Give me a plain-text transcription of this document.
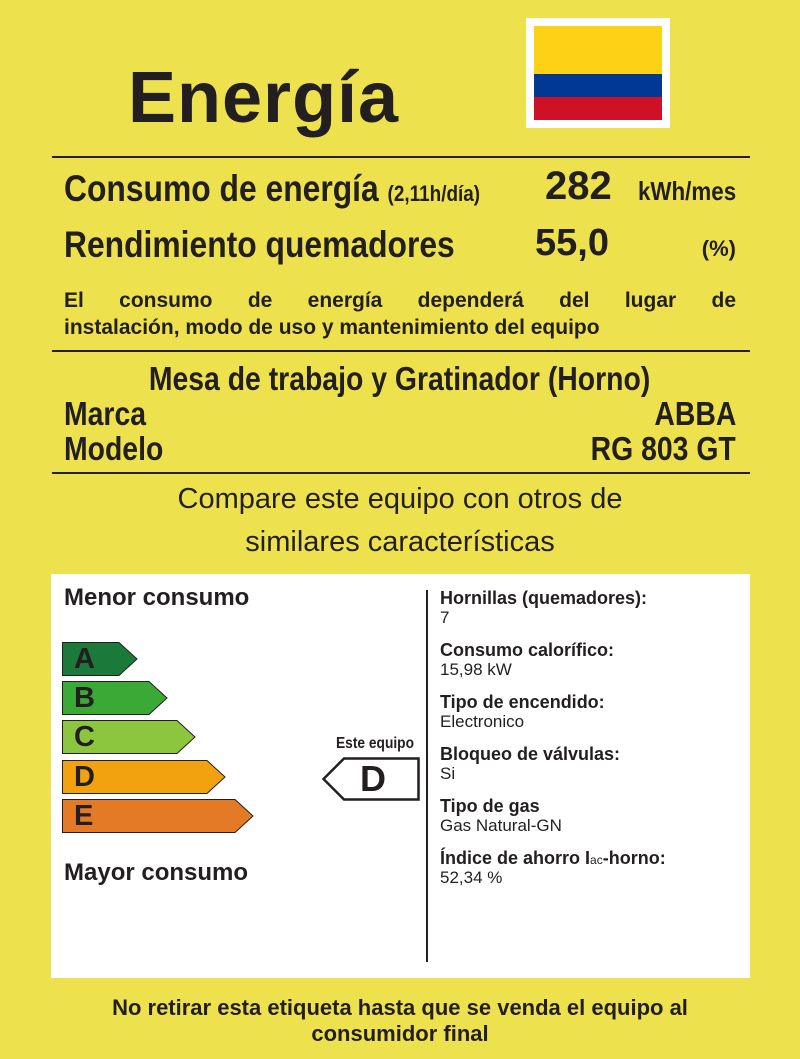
Energía
Consumo de energía (2,11h/día) 282 kWh/mes
Rendimiento quemadores 55,0	(%)
El consumo de energía dependerá del lugar de
instalación, modo de uso y mantenimiento del equipo
Mesa de trabajo y Gratinador (Horno)
Marca	ABBA
Modelo	RG 803 GT
Compare este equipo con otros de
similares características
Menor consumo
A
B
C
D
E
Mayor consumo
Este equipo
D
Hornillas (quemadores):
7
Consumo calorífico:
15,98 kW
Tipo de encendido:
Electronico
Bloqueo de válvulas:
Si
Tipo de gas
Gas Natural-GN
Índice de ahorro Iac-horno:
52,34 %
No retirar esta etiqueta hasta que se venda el equipo al
consumidor final
